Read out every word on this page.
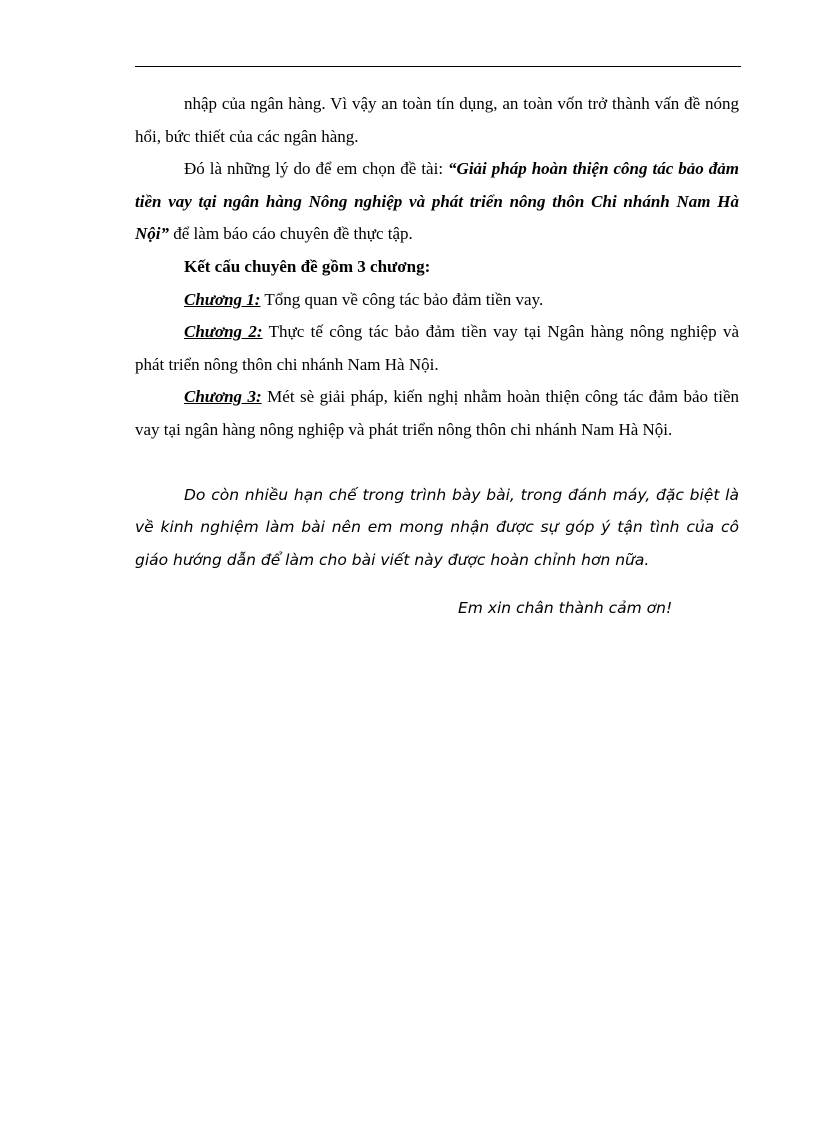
nhập của ngân hàng. Vì vậy an toàn tín dụng, an toàn vốn trở thành vấn đề nóng hổi, bức thiết của các ngân hàng.

Đó là những lý do để em chọn đề tài: “Giải pháp hoàn thiện công tác bảo đảm tiền vay tại ngân hàng Nông nghiệp và phát triển nông thôn Chi nhánh Nam Hà Nội” để làm báo cáo chuyên đề thực tập.

Kết cấu chuyên đề gồm 3 chương:

Chương 1: Tổng quan về công tác bảo đảm tiền vay.

Chương 2: Thực tế công tác bảo đảm tiền vay tại Ngân hàng nông nghiệp và phát triển nông thôn chi nhánh Nam Hà Nội.

Chương 3: Mét sè giải pháp, kiến nghị nhằm hoàn thiện công tác đảm bảo tiền vay tại ngân hàng nông nghiệp và phát triển nông thôn chi nhánh Nam Hà Nội.

Do còn nhiều hạn chế trong trình bày bài, trong đánh máy, đặc biệt là về kinh nghiệm làm bài nên em mong nhận được sự góp ý tận tình của cô giáo hướng dẫn để làm cho bài viết này được hoàn chỉnh hơn nữa.

Em xin chân thành cảm ơn!
